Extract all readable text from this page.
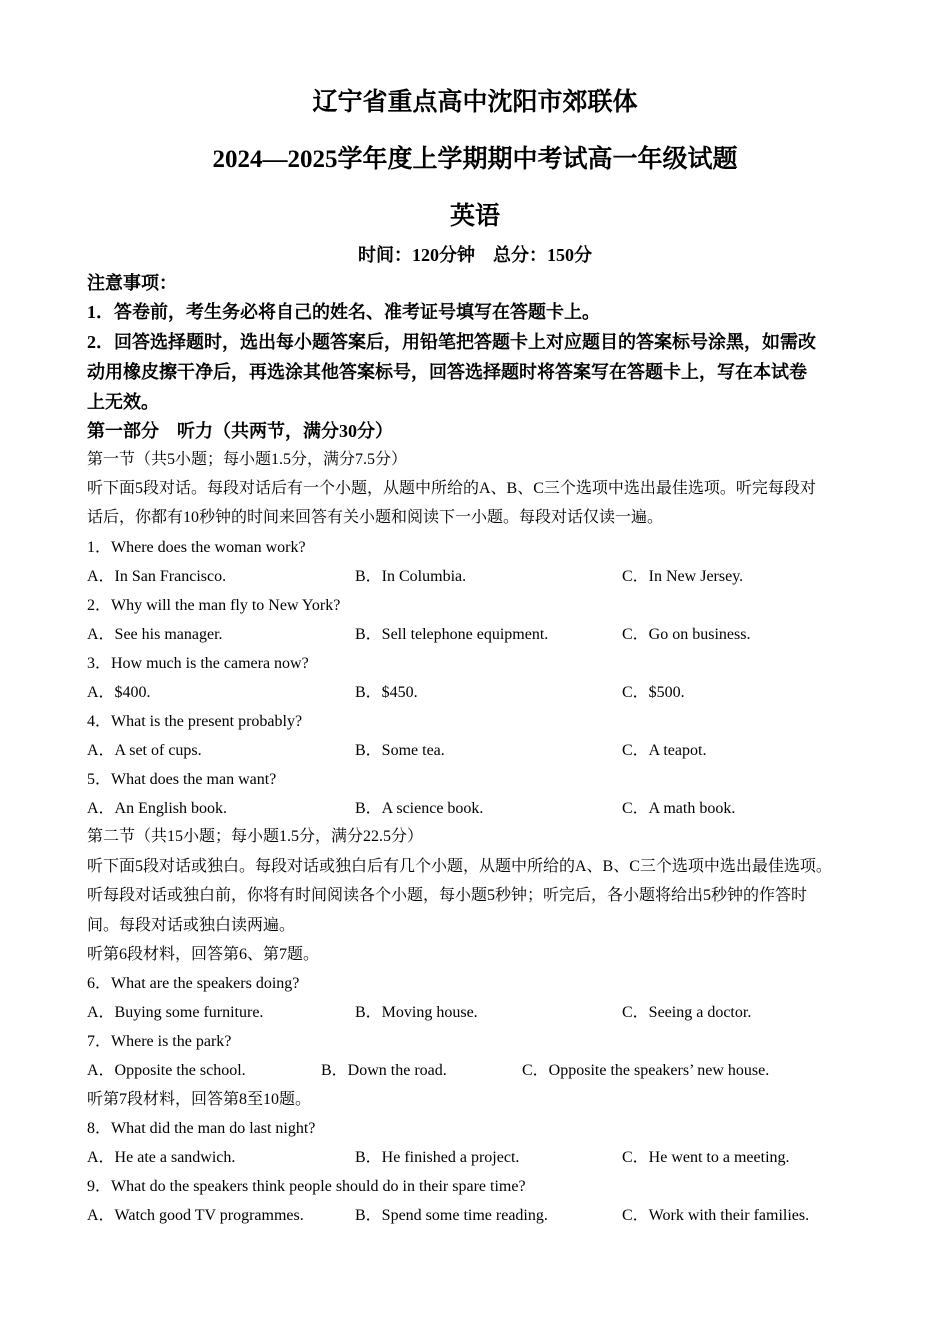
辽宁省重点高中沈阳市郊联体
2024—2025学年度上学期期中考试高一年级试题
英语
时间：120分钟　总分：150分
注意事项：
1．答卷前，考生务必将自己的姓名、准考证号填写在答题卡上。
2．回答选择题时，选出每小题答案后，用铅笔把答题卡上对应题目的答案标号涂黑，如需改
动用橡皮擦干净后，再选涂其他答案标号，回答选择题时将答案写在答题卡上，写在本试卷
上无效。
第一部分　听力（共两节，满分30分）
第一节（共5小题；每小题1.5分，满分7.5分）
听下面5段对话。每段对话后有一个小题，从题中所给的A、B、C三个选项中选出最佳选项。听完每段对
话后，你都有10秒钟的时间来回答有关小题和阅读下一小题。每段对话仅读一遍。
1．Where does the woman work?
A．In San Francisco.	B．In Columbia.	C．In New Jersey.
2．Why will the man fly to New York?
A．See his manager.	B．Sell telephone equipment.	C．Go on business.
3．How much is the camera now?
A．$400.	B．$450.	C．$500.
4．What is the present probably?
A．A set of cups.	B．Some tea.	C．A teapot.
5．What does the man want?
A．An English book.	B．A science book.	C．A math book.
第二节（共15小题；每小题1.5分，满分22.5分）
听下面5段对话或独白。每段对话或独白后有几个小题，从题中所给的A、B、C三个选项中选出最佳选项。
听每段对话或独白前，你将有时间阅读各个小题，每小题5秒钟；听完后，各小题将给出5秒钟的作答时
间。每段对话或独白读两遍。
听第6段材料，回答第6、第7题。
6．What are the speakers doing?
A．Buying some furniture.	B．Moving house.	C．Seeing a doctor.
7．Where is the park?
A．Opposite the school.	B．Down the road.	C．Opposite the speakers’ new house.
听第7段材料，回答第8至10题。
8．What did the man do last night?
A．He ate a sandwich.	B．He finished a project.	C．He went to a meeting.
9．What do the speakers think people should do in their spare time?
A．Watch good TV programmes.	B．Spend some time reading.	C．Work with their families.
